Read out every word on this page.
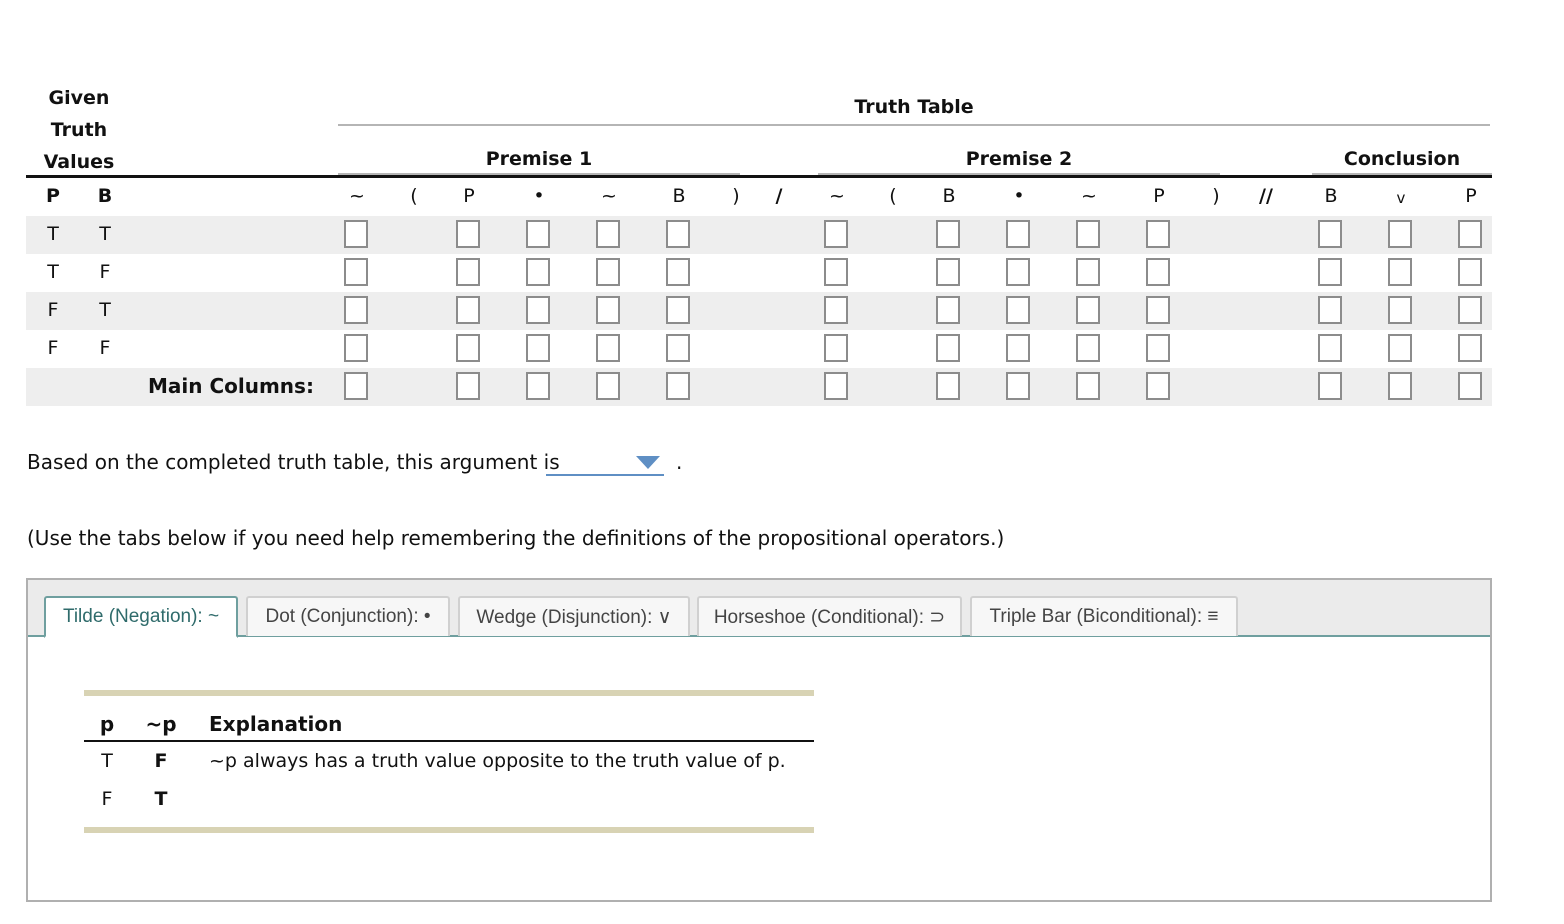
Given
Truth
Values
Truth Table
Premise 1	Premise 2	Conclusion
P	B	~	(	P	•	~	B	)	/	~	(	B	•	~	P	)	//	B	v	P
T	T
T	F
F	T
F	F
Main Columns:
Based on the completed truth table, this argument is	.
(Use the tabs below if you need help remembering the definitions of the propositional operators.)
Tilde (Negation): ~	Dot (Conjunction): •	Wedge (Disjunction): ∨	Horseshoe (Conditional): ⊃	Triple Bar (Biconditional): ≡
p ~p Explanation
T F ~p always has a truth value opposite to the truth value of p.
F T
